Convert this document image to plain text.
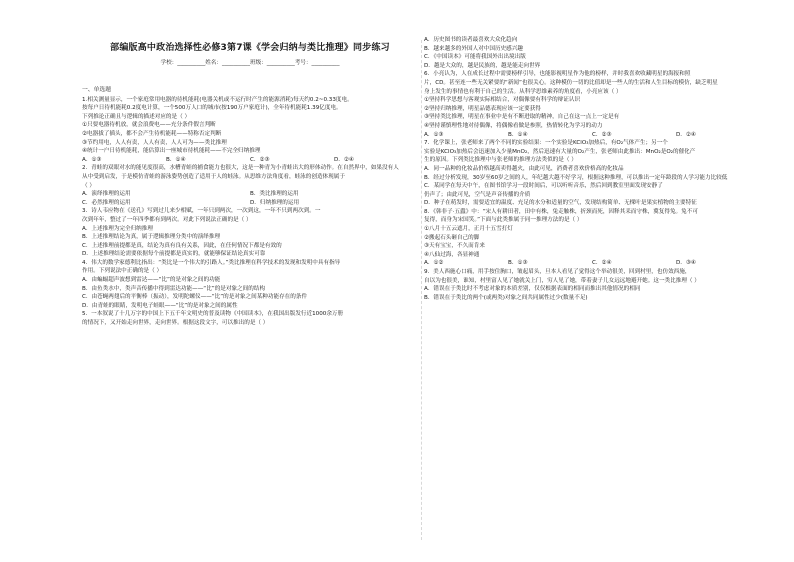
部编版高中政治选择性必修3第7课《学会归纳与类比推理》同步练习
学校：__________姓名：__________班级：__________考号：__________
一、单选题
1.相关测量显示，一个家庭常用电器的待机能耗(电器关机或不运行时产生的能源消耗)每天约0.2~0.33度电。
按每户日待机能耗0.2度电计算，一个500万人口的城市(按190万户家庭计)，全年待机能耗1.39亿度电。
下列推论正确且与逻辑的描述对应的是（ ）
①只要电器待机放，就会浪费电——充分条件假言判断
②电器拔了插头，都不会产生待机能耗——特称否定判断
③节约用电，人人有责，人人有责，人人可为——类比推理
④统计一户日待机能耗，能估算出一座城市待机能耗——不完全归纳推理
A．①③	B．①④	C．②③	D．②④
2．青蛙的双眼对水的能见度很高，水槽青蛙的捕食能力也很大，这是一种青为小青蛙出大的形体动作。在自然界中，如果没有人
从中受到启发，于是模仿青蛙的游泳姿势创造了适用于人的蛙泳。从思维方法角度看，蛙泳的创造体现属于
（ ）
A．演绎推理的运用	B．类比推理的运用
C．必然推理的运用	D．归纳推理的运用
3．诗人韦应物在《送孔》写到过儿来少相赋，一年只到两次，一次到这，一年不只到两次到。一
次到年年，整过了一年四季都有到两次。对此下列说法正确的是（ ）
A．上述推理为完全归纳推理
B．上述推理结论为真，属于逻辑推理分类中的演绎推理
C．上述推理前提都是真，结论为真有良有关系，因此，在任何情况下都是有效的
D．上述推理结论需要依据每个前提都是真实的，就能够保证结论真实可靠
4．伟大的数学家德利比指出：“类比是一个伟大的引路人。”类比推理在科学技术的发现和发明中具有指导
作用。下列说法中正确的是（ ）
A．由蝙蝠超声波想到雷达——“比”的是对象之间的功能
B．由鱼类水中，类声音传播中得到雷达功能——“比”的是对象之间的结构
C．由苍蝇两翅后的平衡棒（振动），发明陀螺仪——“比”的是对象之间某种功能存在的条件
D．由青蛙的眼睛，发明电子蛙眼——“比”的是对象之间的属性
5．一本叙说了十几万字的中国上下五千年文明史的普及读物《中国读本》，在我国出版发行近1000余万册
的情况下，又开始走向世界，走向世界。根据这段文字，可以推出的是（ ）
A．历史图书的读者最喜欢大众化趋向
B．越来越多的外国人对中国历史感兴趣
C．《中国读本》可能将我国外出出境出版
D．越是大众的，越是民族的，越是能走向世界
6．小亮认为，人在成长过程中需要榜样引导，也能影视明星作为他的榜样，并时我喜欢收藏明星的海报和照
片，CD。甚至连一些无关紧要的“新闻”也很关心。这种模仿一切的比值却是一些人的生活和人生目标的模仿，缺乏明星
身上发生的事情也有利于自己的生活。从科学思维素养的角度看，小亮应该（ ）
①坚持科学思想与客观实际相结合，对偶像要有科学的辩证认识
②坚持归纳推理，明星品德表现应该一定要获得
③坚持类比推理，明星在事业中是有不断进取的精神，自己在这一点上一定是有
④坚持谨慎理性地对待偶像，将偶像看做是参照，热情转化为学习的动力
A．①③	B．①④	C．②③	D．②④
7．化学课上，张老师来了两个不同的实验结果：一个实验是KClO₃加热后，有O₂气体产生；另一个
实验是KClO₃加热后会迅速加入少量MnO₂，然后迅速有大量的O₂产生，张老师由此推出：MnO₂是O₂的催化产
生的原因。下列类比推理中与张老师的推理方法类似的是（ ）
A．同一品种的化妆品价格越高卖得越火，由此可见，消费者喜欢价格高的化妆品
B．经过分析发现，30岁至60岁之间的人，年纪越大越不好学习，根据这种推理，可以推出一定年龄段的人学习能力比较低
C．某同学在每天中午，在图书馆学习一段时间后，可以听听音乐，然后回到教室里面发现安静了
仍声了；由此可见，空气是声音传播的介质
D．种子在萌发时，需要适宜的温度、充足的水分和适量的空气，发现结构简单、无棵叶是果实植物的主要特征
8．《韩非子·五蠹》中：“宋人有耕田者，田中有株，兔走触株，折颈而死，因释其耒而守株，冀复得兔。兔不可
复得，而身为宋国笑。”下面与此类推属于同一推理方法的是（ ）
①八月十五云遮月，正月十五雪打灯
②搬起石头砸自己的脚
③天有宝宝，不久而肯来
④八仙过海，各显神通
A．①②	B．①③	C．②④	D．③④
9．美人西施心口痛，用手按住胸口，皱起眉头，旦本人看见了觉得这个举动很美，回到村里，也仿效西施，
自以为也很美，谁知，村里富人见了她就关上门，穷人见了她，带着妻子儿女远远地避开她。这一类比推理（ ）
A．错误在于类比时不考虑对象的本质差别，仅仅根据表面的相同而推出其他情况的相同
B．错误在于类比的两个(或两类)对象之间共同属性过少(数量不足)
